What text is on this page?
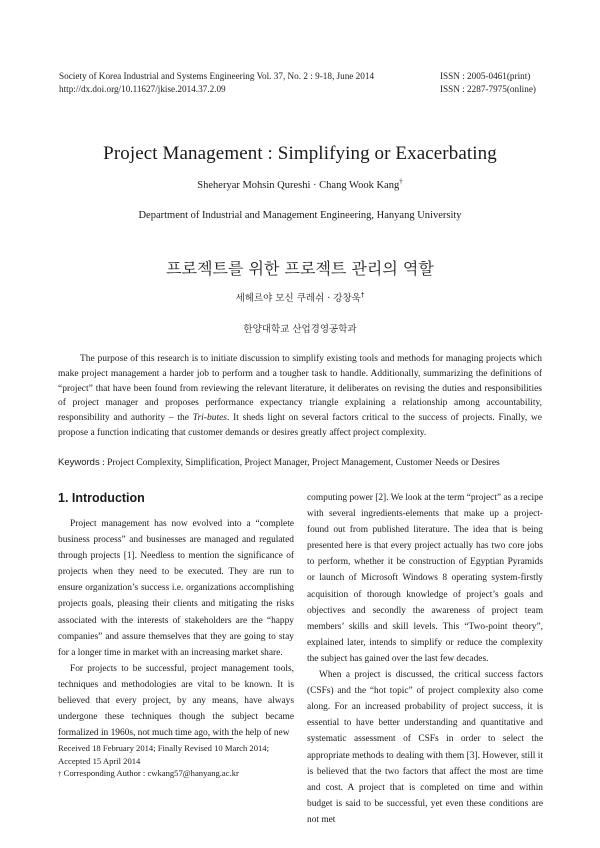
Society of Korea Industrial and Systems Engineering Vol. 37, No. 2 : 9-18, June 2014
http://dx.doi.org/10.11627/jkise.2014.37.2.09
ISSN : 2005-0461(print)
ISSN : 2287-7975(online)
Project Management : Simplifying or Exacerbating
Sheheryar Mohsin Qureshi · Chang Wook Kang†
Department of Industrial and Management Engineering, Hanyang University
프로젝트를 위한 프로젝트 관리의 역할
세헤르야 모신 쿠레쉬 · 강창욱†
한양대학교 산업경영공학과
The purpose of this research is to initiate discussion to simplify existing tools and methods for managing projects which make project management a harder job to perform and a tougher task to handle. Additionally, summarizing the definitions of “project” that have been found from reviewing the relevant literature, it deliberates on revising the duties and responsibilities of project manager and proposes performance expectancy triangle explaining a relationship among accountability, responsibility and authority – the Tri-butes. It sheds light on several factors critical to the success of projects. Finally, we propose a function indicating that customer demands or desires greatly affect project complexity.
Keywords : Project Complexity, Simplification, Project Manager, Project Management, Customer Needs or Desires
1. Introduction

Project management has now evolved into a “complete business process” and businesses are managed and regulated through projects [1]. Needless to mention the significance of projects when they need to be executed. They are run to ensure organization’s success i.e. organizations accomplishing projects goals, pleasing their clients and mitigating the risks associated with the interests of stakeholders are the “happy companies” and assure themselves that they are going to stay for a longer time in market with an increasing market share.

For projects to be successful, project management tools, techniques and methodologies are vital to be known. It is believed that every project, by any means, have always undergone these techniques though the subject became formalized in 1960s, not much time ago, with the help of new

computing power [2]. We look at the term “project” as a recipe with several ingredients-elements that make up a project-found out from published literature. The idea that is being presented here is that every project actually has two core jobs to perform, whether it be construction of Egyptian Pyramids or launch of Microsoft Windows 8 operating system-firstly acquisition of thorough knowledge of project’s goals and objectives and secondly the awareness of project team members’ skills and skill levels. This “Two-point theory”, explained later, intends to simplify or reduce the complexity the subject has gained over the last few decades.

When a project is discussed, the critical success factors (CSFs) and the “hot topic” of project complexity also come along. For an increased probability of project success, it is essential to have better understanding and quantitative and systematic assessment of CSFs in order to select the appropriate methods to dealing with them [3]. However, still it is believed that the two factors that affect the most are time and cost. A project that is completed on time and within budget is said to be successful, yet even these conditions are not met

Received 18 February 2014; Finally Revised 10 March 2014;
Accepted 15 April 2014
† Corresponding Author : cwkang57@hanyang.ac.kr
